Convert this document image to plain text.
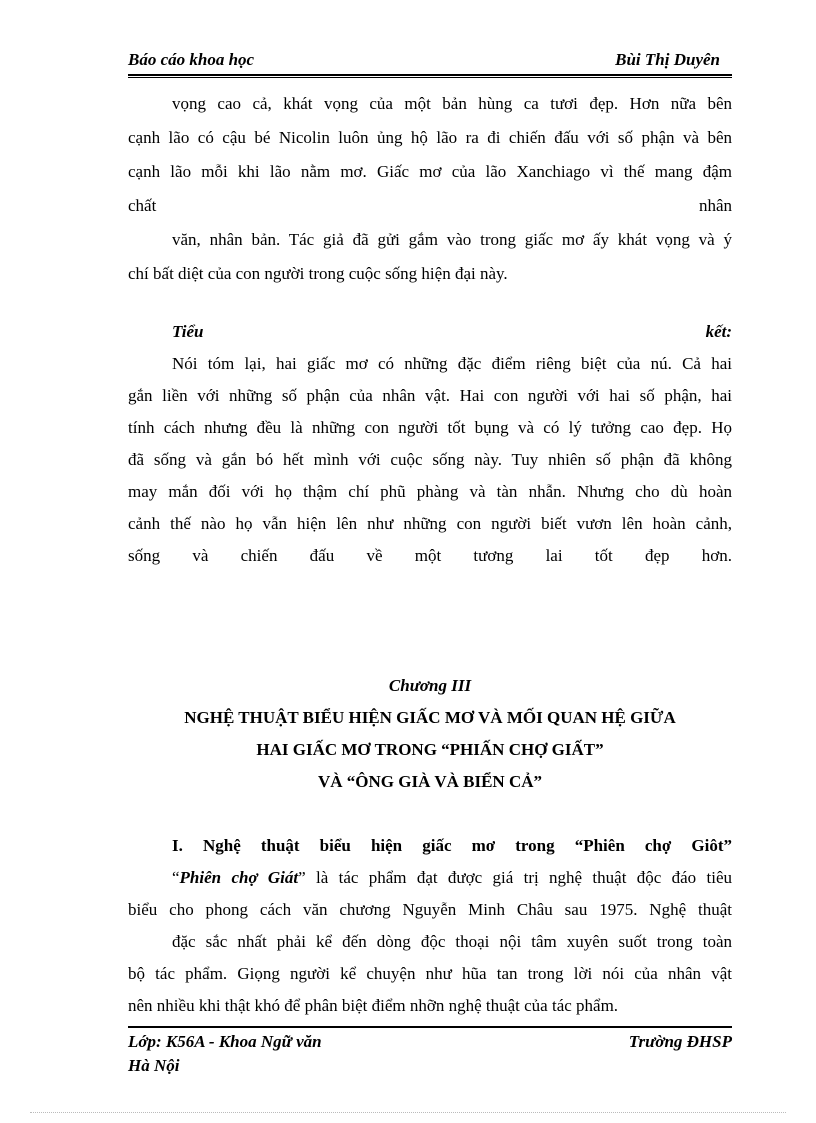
Báo cáo khoa học	Bùi Thị Duyên
vọng cao cả, khát vọng của một bản hùng ca tươi đẹp. Hơn nữa bên
cạnh lão có cậu bé Nicolin luôn ủng hộ lão ra đi chiến đấu với số phận và bên
cạnh lão mỗi khi lão nằm mơ. Giấc mơ của lão Xanchiago vì thế mang đậm
chất	nhân
văn, nhân bản. Tác giả đã gửi gắm vào trong giấc mơ ấy khát vọng và ý
chí bất diệt của con người trong cuộc sống hiện đại này.
Tiểu	kết:
Nói tóm lại, hai giấc mơ có những đặc điểm riêng biệt của nú. Cả hai
gắn liền với những số phận của nhân vật. Hai con người với hai số phận, hai
tính cách nhưng đều là những con người tốt bụng và có lý tưởng cao đẹp. Họ
đã sống và gắn bó hết mình với cuộc sống này. Tuy nhiên số phận đã không
may mắn đối với họ thậm chí phũ phàng và tàn nhẫn. Nhưng cho dù hoàn
cảnh thế nào họ vẫn hiện lên như những con người biết vươn lên hoàn cảnh,
sống và chiến đấu về một tương lai tốt đẹp hơn.
Chương III
NGHỆ THUẬT BIỂU HIỆN GIẤC MƠ VÀ MỐI QUAN HỆ GIỮA
HAI GIẤC MƠ TRONG “PHIẤN CHỢ GIẤT”
VÀ “ÔNG GIÀ VÀ BIỂN CẢ”
I. Nghệ thuật biểu hiện giấc mơ trong “Phiên chợ Giôt”
“Phiên chợ Giát” là tác phẩm đạt được giá trị nghệ thuật độc đáo tiêu
biểu cho phong cách văn chương Nguyễn Minh Châu sau 1975. Nghệ thuật
đặc sắc nhất phải kể đến dòng độc thoại nội tâm xuyên suốt trong toàn
bộ tác phẩm. Giọng người kể chuyện như hũa tan trong lời nói của nhân vật
nên nhiều khi thật khó để phân biệt điểm nhỡn nghệ thuật của tác phẩm.
Lớp: K56A - Khoa Ngữ văn
Hà Nội
Trường ĐHSP
